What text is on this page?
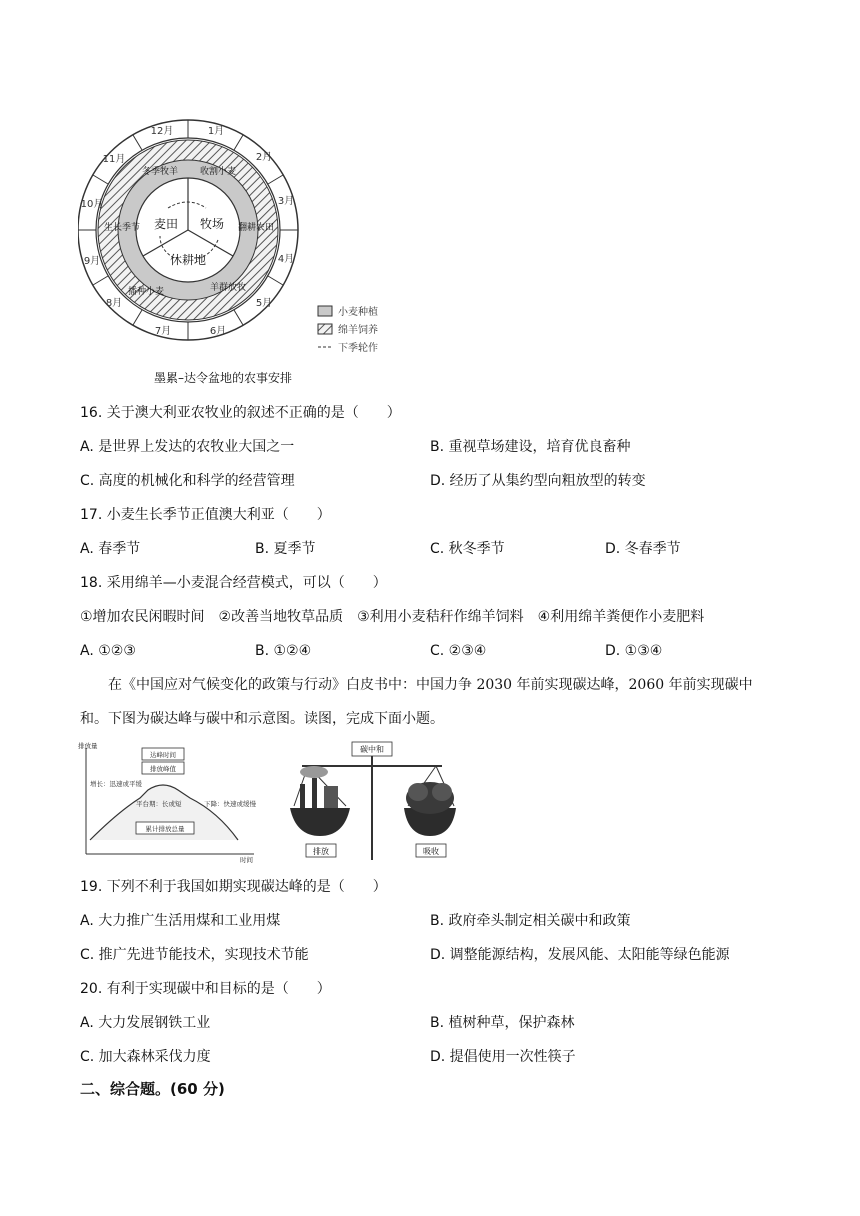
1月
2月
3月
4月
5月
6月
7月
8月
9月
10月
11月
12月
收割小麦
翻耕农田
羊群放牧
播种小麦
生长季节
冬季牧羊
麦田 牧场
休耕地
小麦种植
绵羊饲养
下季轮作
墨累–达令盆地的农事安排
16. 关于澳大利亚农牧业的叙述不正确的是（　　）
A. 是世界上发达的农牧业大国之一	B. 重视草场建设，培育优良畜种
C. 高度的机械化和科学的经营管理	D. 经历了从集约型向粗放型的转变
17. 小麦生长季节正值澳大利亚（　　）
A. 春季节	B. 夏季节	C. 秋冬季节	D. 冬春季节
18. 采用绵羊—小麦混合经营模式，可以（　　）
①增加农民闲暇时间　②改善当地牧草品质　③利用小麦秸秆作绵羊饲料　④利用绵羊粪便作小麦肥料
A. ①②③	B. ①②④	C. ②③④	D. ①③④
在《中国应对气候变化的政策与行动》白皮书中：中国力争 2030 年前实现碳达峰，2060 年前实现碳中和。下图为碳达峰与碳中和示意图。读图，完成下面小题。
排放量
时间
达峰时间
排放峰值
增长：迅速或平缓
平台期：长或短	下降：快速或缓慢
累计排放总量
碳中和
排放	吸收
19. 下列不利于我国如期实现碳达峰的是（　　）
A. 大力推广生活用煤和工业用煤	B. 政府牵头制定相关碳中和政策
C. 推广先进节能技术，实现技术节能	D. 调整能源结构，发展风能、太阳能等绿色能源
20. 有利于实现碳中和目标的是（　　）
A. 大力发展钢铁工业	B. 植树种草，保护森林
C. 加大森林采伐力度	D. 提倡使用一次性筷子
二、综合题。(60 分)
